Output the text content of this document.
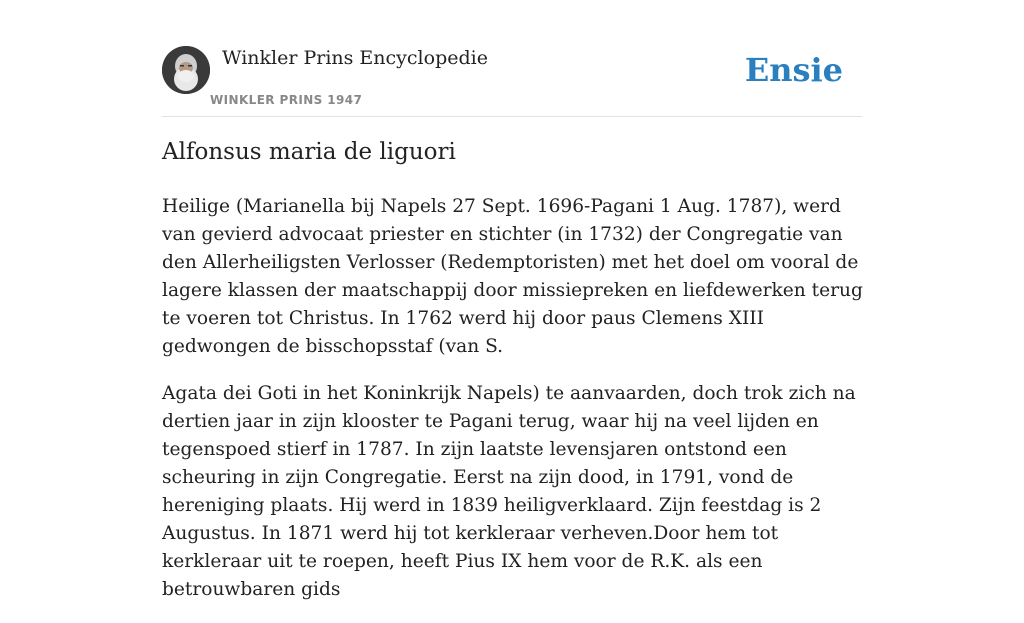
Winkler Prins Encyclopedie
WINKLER PRINS 1947
Ensie
Alfonsus maria de liguori

Heilige (Marianella bij Napels 27 Sept. 1696-Pagani 1 Aug. 1787), werd van gevierd advocaat priester en stichter (in 1732) der Congregatie van den Allerheiligsten Verlosser (Redemptoristen) met het doel om vooral de lagere klassen der maatschappij door missiepreken en liefdewerken terug te voeren tot Christus. In 1762 werd hij door paus Clemens XIII gedwongen de bisschopsstaf (van S.

Agata dei Goti in het Koninkrijk Napels) te aanvaarden, doch trok zich na dertien jaar in zijn klooster te Pagani terug, waar hij na veel lijden en tegenspoed stierf in 1787. In zijn laatste levensjaren ontstond een scheuring in zijn Congregatie. Eerst na zijn dood, in 1791, vond de hereniging plaats. Hij werd in 1839 heiligverklaard. Zijn feestdag is 2 Augustus. In 1871 werd hij tot kerkleraar verheven.Door hem tot kerkleraar uit te roepen, heeft Pius IX hem voor de R.K. als een betrouwbaren gids
